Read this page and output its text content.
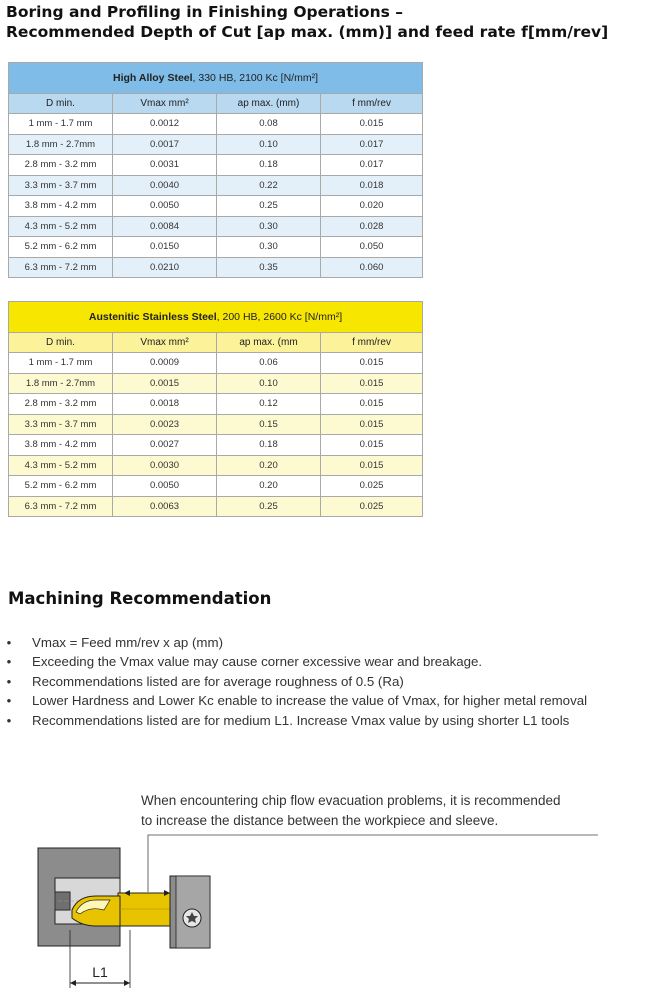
Boring and Profiling in Finishing Operations –
Recommended Depth of Cut [ap max. (mm)] and feed rate f[mm/rev]
High Alloy Steel, 330 HB, 2100 Kc [N/mm²]			
D min.	Vmax mm²	ap max. (mm)	f mm/rev
1 mm - 1.7 mm	0.0012	0.08	0.015
1.8 mm - 2.7mm	0.0017	0.10	0.017
2.8 mm - 3.2 mm	0.0031	0.18	0.017
3.3 mm - 3.7 mm	0.0040	0.22	0.018
3.8 mm - 4.2 mm	0.0050	0.25	0.020
4.3 mm - 5.2 mm	0.0084	0.30	0.028
5.2 mm - 6.2 mm	0.0150	0.30	0.050
6.3 mm - 7.2 mm	0.0210	0.35	0.060
Austenitic Stainless Steel, 200 HB, 2600 Kc [N/mm²]			
D min.	Vmax mm²	ap max. (mm	f mm/rev
1 mm - 1.7 mm	0.0009	0.06	0.015
1.8 mm - 2.7mm	0.0015	0.10	0.015
2.8 mm - 3.2 mm	0.0018	0.12	0.015
3.3 mm - 3.7 mm	0.0023	0.15	0.015
3.8 mm - 4.2 mm	0.0027	0.18	0.015
4.3 mm - 5.2 mm	0.0030	0.20	0.015
5.2 mm - 6.2 mm	0.0050	0.20	0.025
6.3 mm - 7.2 mm	0.0063	0.25	0.025
Machining Recommendation
• Vmax = Feed mm/rev x ap (mm)
• Exceeding the Vmax value may cause corner excessive wear and breakage.
• Recommendations listed are for average roughness of 0.5 (Ra)
• Lower Hardness and Lower Kc enable to increase the value of Vmax, for higher metal removal
• Recommendations listed are for medium L1. Increase Vmax value by using shorter L1 tools
L1
When encountering chip flow evacuation problems, it is recommended
to increase the distance between the workpiece and sleeve.
